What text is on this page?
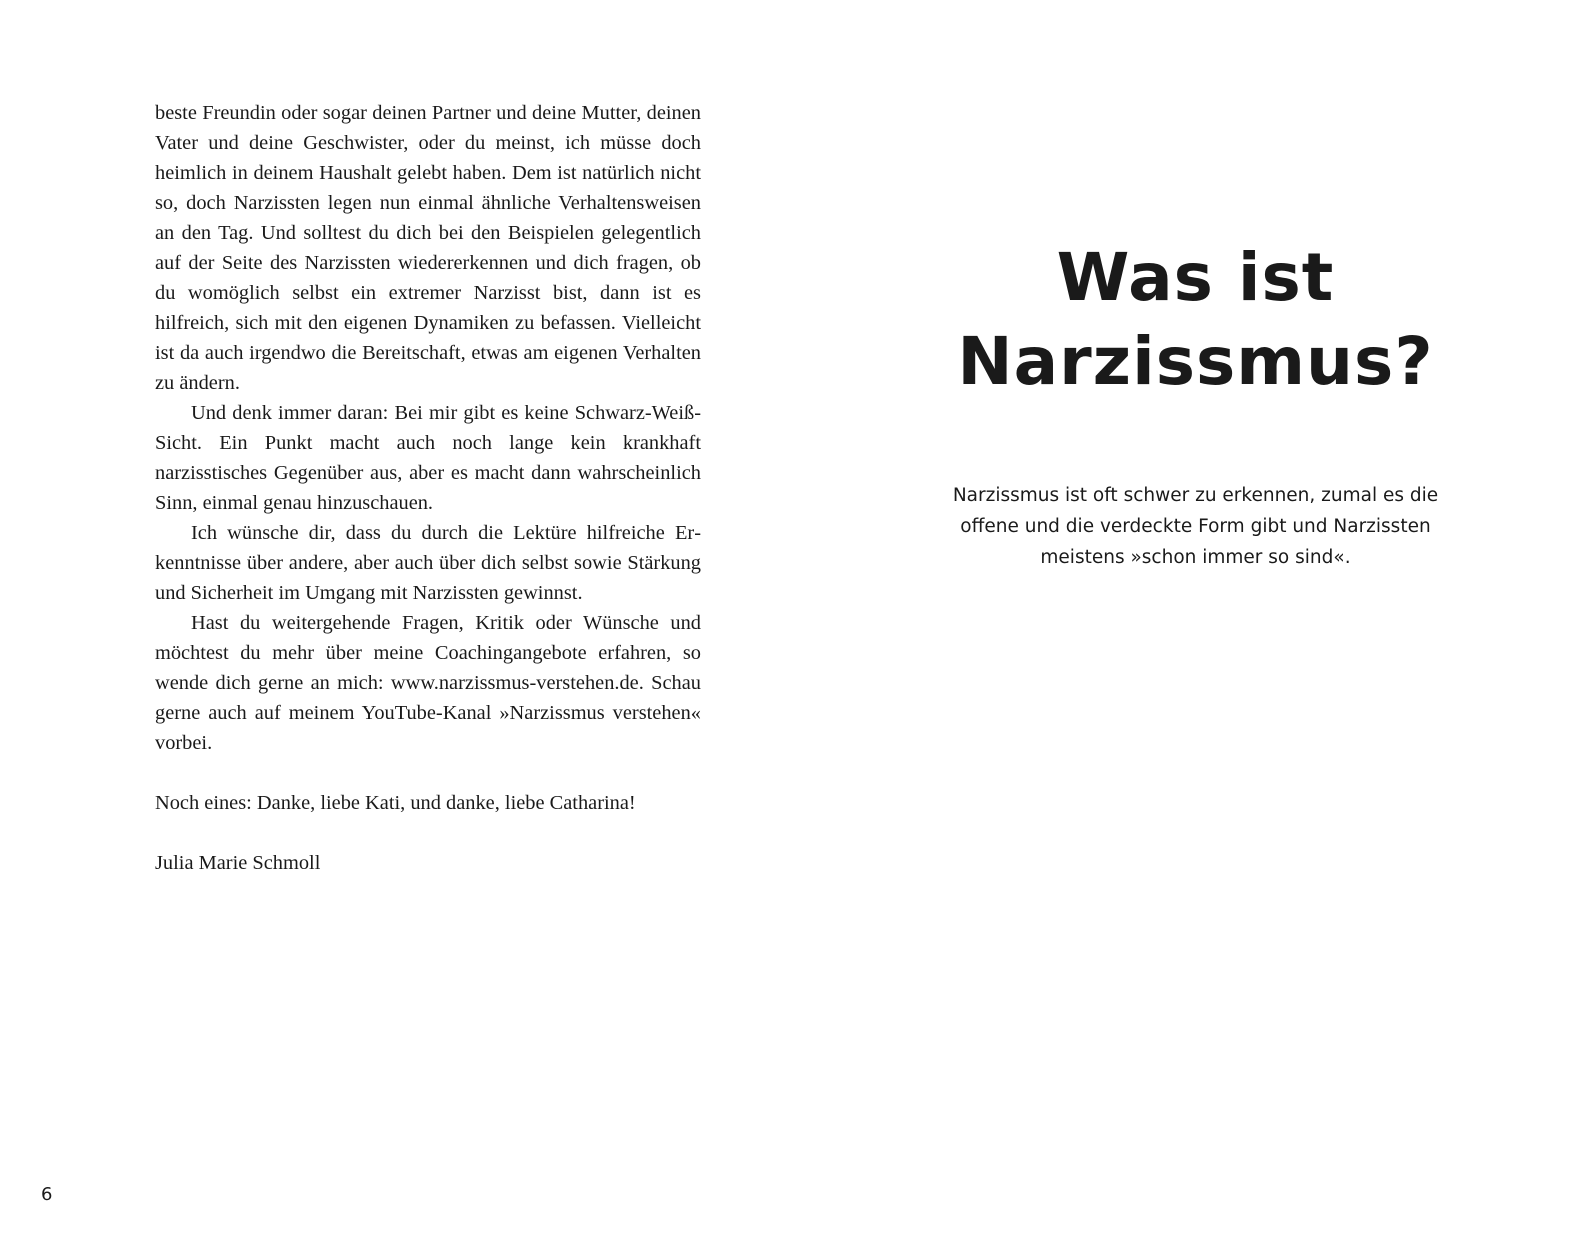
beste Freundin oder sogar deinen Partner und deine Mutter, deinen Vater und deine Geschwister, oder du meinst, ich müsse doch heimlich in deinem Haushalt gelebt haben. Dem ist natürlich nicht so, doch Narzissten legen nun einmal ähnliche Verhaltensweisen an den Tag. Und solltest du dich bei den Beispielen gelegentlich auf der Seite des Narzissten wiedererkennen und dich fragen, ob du womöglich selbst ein extremer Narzisst bist, dann ist es hilfreich, sich mit den eigenen Dynamiken zu befassen. Vielleicht ist da auch irgendwo die Bereitschaft, etwas am eigenen Verhalten zu ändern.

Und denk immer daran: Bei mir gibt es keine Schwarz-Weiß-Sicht. Ein Punkt macht auch noch lange kein krankhaft narzisstisches Gegenüber aus, aber es macht dann wahrscheinlich Sinn, einmal genau hinzuschauen.

Ich wünsche dir, dass du durch die Lektüre hilfreiche Erkenntnisse über andere, aber auch über dich selbst sowie Stärkung und Sicherheit im Umgang mit Narzissten gewinnst.

Hast du weitergehende Fragen, Kritik oder Wünsche und möchtest du mehr über meine Coachingangebote erfahren, so wende dich gerne an mich: www.narzissmus-verstehen.de. Schau gerne auch auf meinem YouTube-Kanal »Narzissmus verstehen« vorbei.

Noch eines: Danke, liebe Kati, und danke, liebe Catharina!

Julia Marie Schmoll

6
Was ist
Narzissmus?
Narzissmus ist oft schwer zu erkennen, zumal es die offene und die verdeckte Form gibt und Narzissten meistens »schon immer so sind«.
